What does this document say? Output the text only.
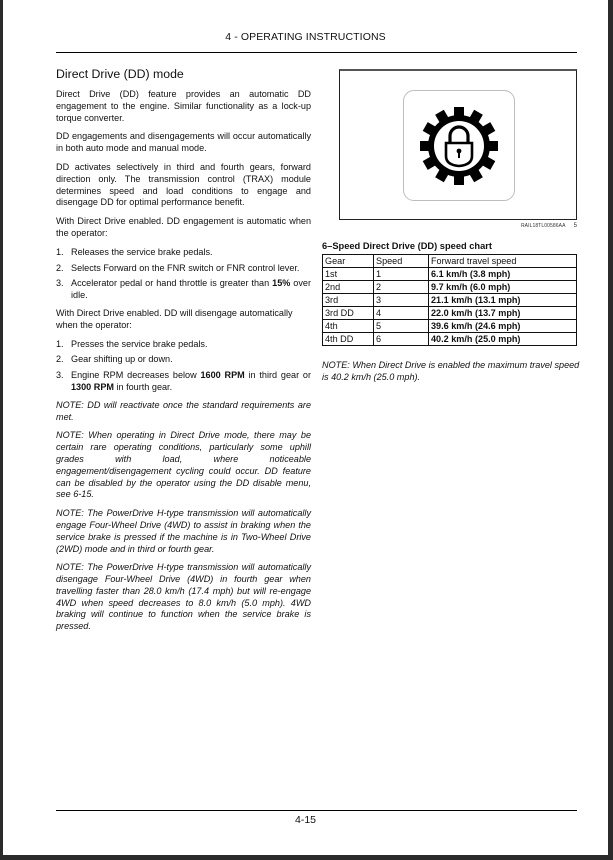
4 - OPERATING INSTRUCTIONS
Direct Drive (DD) mode

Direct Drive (DD) feature provides an automatic DD engagement to the engine. Similar functionality as a lock-up torque converter.

DD engagements and disengagements will occur automatically in both auto mode and manual mode.

DD activates selectively in third and fourth gears, forward direction only. The transmission control (TRAX) module determines speed and load conditions to engage and disengage DD for optimal performance benefit.

With Direct Drive enabled. DD engagement is automatic when the operator:

1. Releases the service brake pedals.
2. Selects Forward on the FNR switch or FNR control lever.
3. Accelerator pedal or hand throttle is greater than 15% over idle.

With Direct Drive enabled. DD will disengage automatically when the operator:

1. Presses the service brake pedals.
2. Gear shifting up or down.
3. Engine RPM decreases below 1600 RPM in third gear or 1300 RPM in fourth gear.

NOTE: DD will reactivate once the standard requirements are met.

NOTE: When operating in Direct Drive mode, there may be certain rare operating conditions, particularly some uphill grades with load, where noticeable engagement/disengagement cycling could occur. DD feature can be disabled by the operator using the DD disable menu, see 6-15.

NOTE: The PowerDrive H-type transmission will automatically engage Four-Wheel Drive (4WD) to assist in braking when the service brake is pressed if the machine is in Two-Wheel Drive (2WD) mode and in third or fourth gear.

NOTE: The PowerDrive H-type transmission will automatically disengage Four-Wheel Drive (4WD) in fourth gear when travelling faster than 28.0 km/h (17.4 mph) but will re-engage 4WD when speed decreases to 8.0 km/h (5.0 mph). 4WD braking will continue to function when the service brake is pressed.

RAIL18TL00586AA 5
6–Speed Direct Drive (DD) speed chart
Gear	Speed	Forward travel speed
1st	1	6.1 km/h (3.8 mph)
2nd	2	9.7 km/h (6.0 mph)
3rd	3	21.1 km/h (13.1 mph)
3rd DD	4	22.0 km/h (13.7 mph)
4th	5	39.6 km/h (24.6 mph)
4th DD	6	40.2 km/h (25.0 mph)
NOTE: When Direct Drive is enabled the maximum travel speed is 40.2 km/h (25.0 mph).
4-15
